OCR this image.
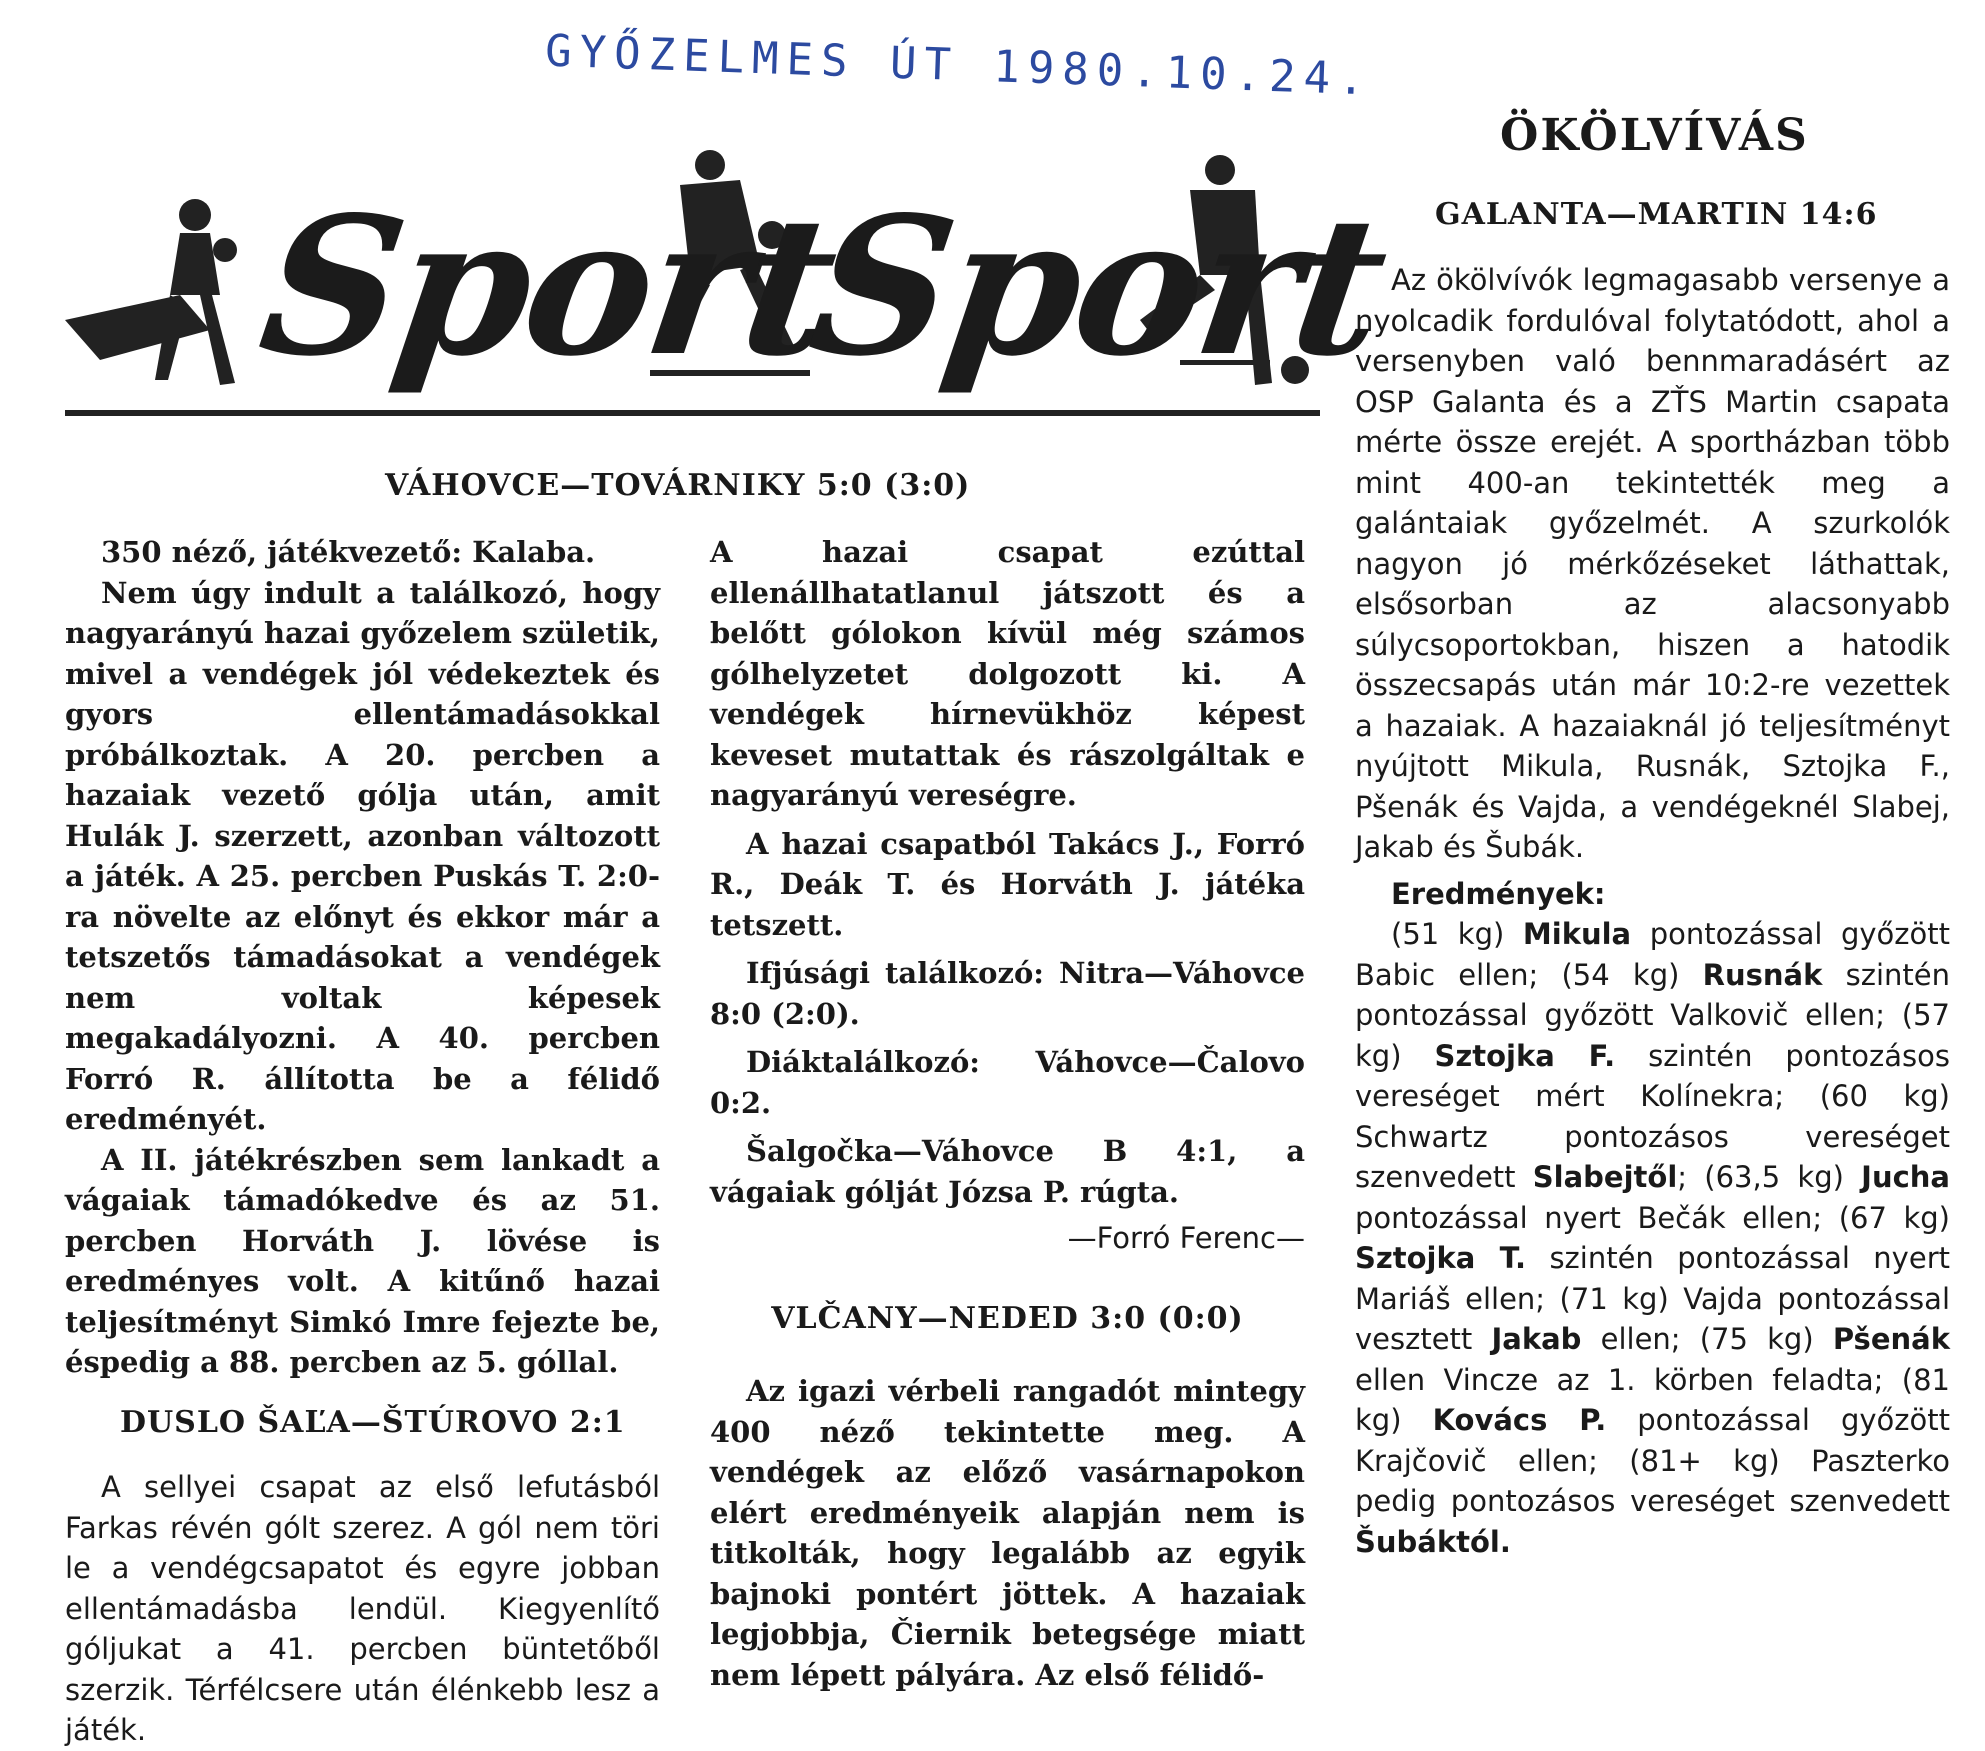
GYŐZELMES ÚT 1980.10.24.
Sport
Sport
VÁHOVCE—TOVÁRNIKY 5:0 (3:0)

350 néző, játékvezető: Kalaba.

Nem úgy indult a találkozó, hogy nagyarányú hazai győzelem születik, mivel a vendégek jól védekeztek és gyors ellentámadásokkal próbálkoztak. A 20. percben a hazaiak vezető gólja után, amit Hulák J. szerzett, azonban változott a játék. A 25. percben Puskás T. 2:0-ra növelte az előnyt és ekkor már a tetszetős támadásokat a vendégek nem voltak képesek megakadályozni. A 40. percben Forró R. állította be a félidő eredményét.

A II. játékrészben sem lankadt a vágaiak támadókedve és az 51. percben Horváth J. lövése is eredményes volt. A kitűnő hazai teljesítményt Simkó Imre fejezte be, éspedig a 88. percben az 5. góllal.

DUSLO ŠAĽA—ŠTÚROVO 2:1

A sellyei csapat az első lefutásból Farkas révén gólt szerez. A gól nem töri le a vendégcsapatot és egyre jobban ellentámadásba lendül. Kiegyenlítő góljukat a 41. percben büntetőből szerzik. Térfélcsere után élénkebb lesz a játék.

A hazai csapat ezúttal ellenállhatatlanul játszott és a belőtt gólokon kívül még számos gólhelyzetet dolgozott ki. A vendégek hírnevükhöz képest keveset mutattak és rászolgáltak e nagyarányú vereségre.

A hazai csapatból Takács J., Forró R., Deák T. és Horváth J. játéka tetszett.

Ifjúsági találkozó: Nitra—Váhovce 8:0 (2:0).

Diáktalálkozó: Váhovce—Čalovo 0:2.

Šalgočka—Váhovce B 4:1, a vágaiak gólját Józsa P. rúgta.

—Forró Ferenc—
VLČANY—NEDED 3:0 (0:0)

Az igazi vérbeli rangadót mintegy 400 néző tekintette meg. A vendégek az előző vasárnapokon elért eredményeik alapján nem is titkolták, hogy legalább az egyik bajnoki pontért jöttek. A hazaiak legjobbja, Čiernik betegsége miatt nem lépett pályára. Az első félidő-

ÖKÖLVÍVÁS
GALANTA—MARTIN 14:6

Az ökölvívók legmagasabb versenye a nyolcadik fordulóval folytatódott, ahol a versenyben való bennmaradásért az OSP Galanta és a ZŤS Martin csapata mérte össze erejét. A sportházban több mint 400-an tekintették meg a galántaiak győzelmét. A szurkolók nagyon jó mérkőzéseket láthattak, elsősorban az alacsonyabb súlycsoportokban, hiszen a hatodik összecsapás után már 10:2-re vezettek a hazaiak. A hazaiaknál jó teljesítményt nyújtott Mikula, Rusnák, Sztojka F., Pšenák és Vajda, a vendégeknél Slabej, Jakab és Šubák.

Eredmények:

(51 kg) Mikula pontozással győzött Babic ellen; (54 kg) Rusnák szintén pontozással győzött Valkovič ellen; (57 kg) Sztojka F. szintén pontozásos vereséget mért Kolínekra; (60 kg) Schwartz pontozásos vereséget szenvedett Slabejtől; (63,5 kg) Jucha pontozással nyert Bečák ellen; (67 kg) Sztojka T. szintén pontozással nyert Mariáš ellen; (71 kg) Vajda pontozással vesztett Jakab ellen; (75 kg) Pšenák ellen Vincze az 1. körben feladta; (81 kg) Kovács P. pontozással győzött Krajčovič ellen; (81+ kg) Paszterko pedig pontozásos vereséget szenvedett Šubáktól.
